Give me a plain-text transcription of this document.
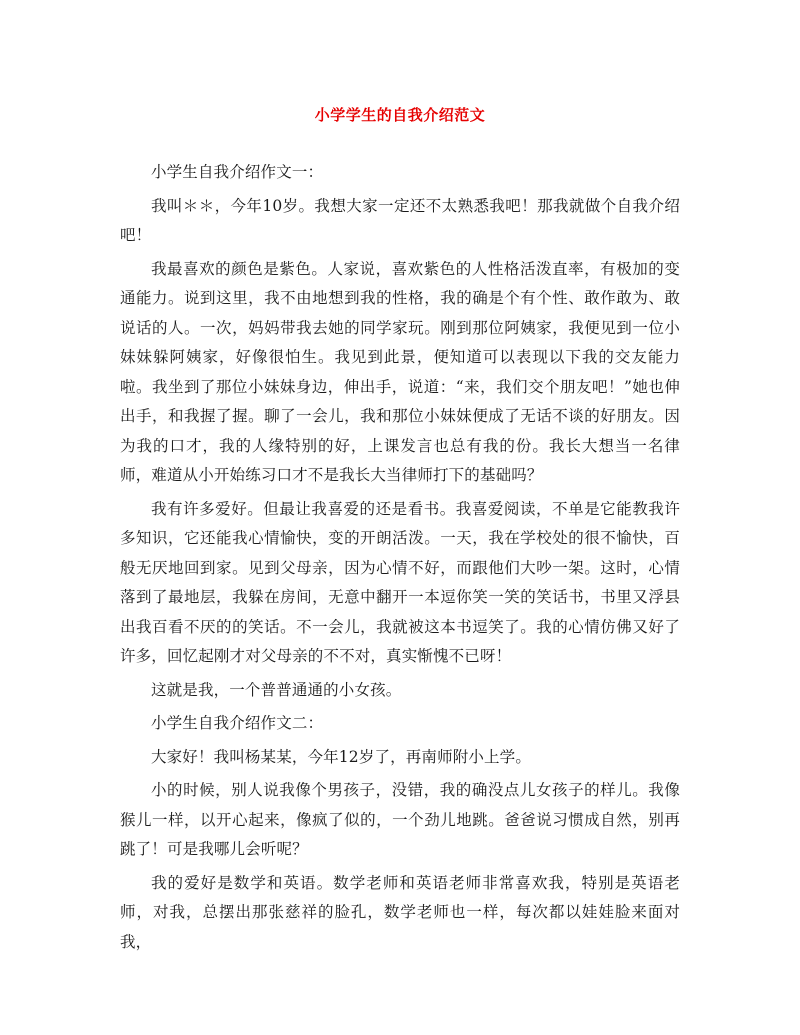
小学学生的自我介绍范文

小学生自我介绍作文一：

我叫＊＊，今年10岁。我想大家一定还不太熟悉我吧！那我就做个自我介绍吧！

我最喜欢的颜色是紫色。人家说，喜欢紫色的人性格活泼直率，有极加的变通能力。说到这里，我不由地想到我的性格，我的确是个有个性、敢作敢为、敢说话的人。一次，妈妈带我去她的同学家玩。刚到那位阿姨家，我便见到一位小妹妹躲阿姨家，好像很怕生。我见到此景，便知道可以表现以下我的交友能力啦。我坐到了那位小妹妹身边，伸出手，说道：“来，我们交个朋友吧！”她也伸出手，和我握了握。聊了一会儿，我和那位小妹妹便成了无话不谈的好朋友。因为我的口才，我的人缘特别的好，上课发言也总有我的份。我长大想当一名律师，难道从小开始练习口才不是我长大当律师打下的基础吗？

我有许多爱好。但最让我喜爱的还是看书。我喜爱阅读，不单是它能教我许多知识，它还能我心情愉快，变的开朗活泼。一天，我在学校处的很不愉快，百般无厌地回到家。见到父母亲，因为心情不好，而跟他们大吵一架。这时，心情落到了最地层，我躲在房间，无意中翻开一本逗你笑一笑的笑话书，书里又浮县出我百看不厌的的笑话。不一会儿，我就被这本书逗笑了。我的心情仿佛又好了许多，回忆起刚才对父母亲的不不对，真实惭愧不已呀！

这就是我，一个普普通通的小女孩。

小学生自我介绍作文二：

大家好！我叫杨某某，今年12岁了，再南师附小上学。

小的时候，别人说我像个男孩子，没错，我的确没点儿女孩子的样儿。我像猴儿一样，以开心起来，像疯了似的，一个劲儿地跳。爸爸说习惯成自然，别再跳了！可是我哪儿会听呢？

我的爱好是数学和英语。数学老师和英语老师非常喜欢我，特别是英语老师，对我，总摆出那张慈祥的脸孔，数学老师也一样，每次都以娃娃脸来面对我，
